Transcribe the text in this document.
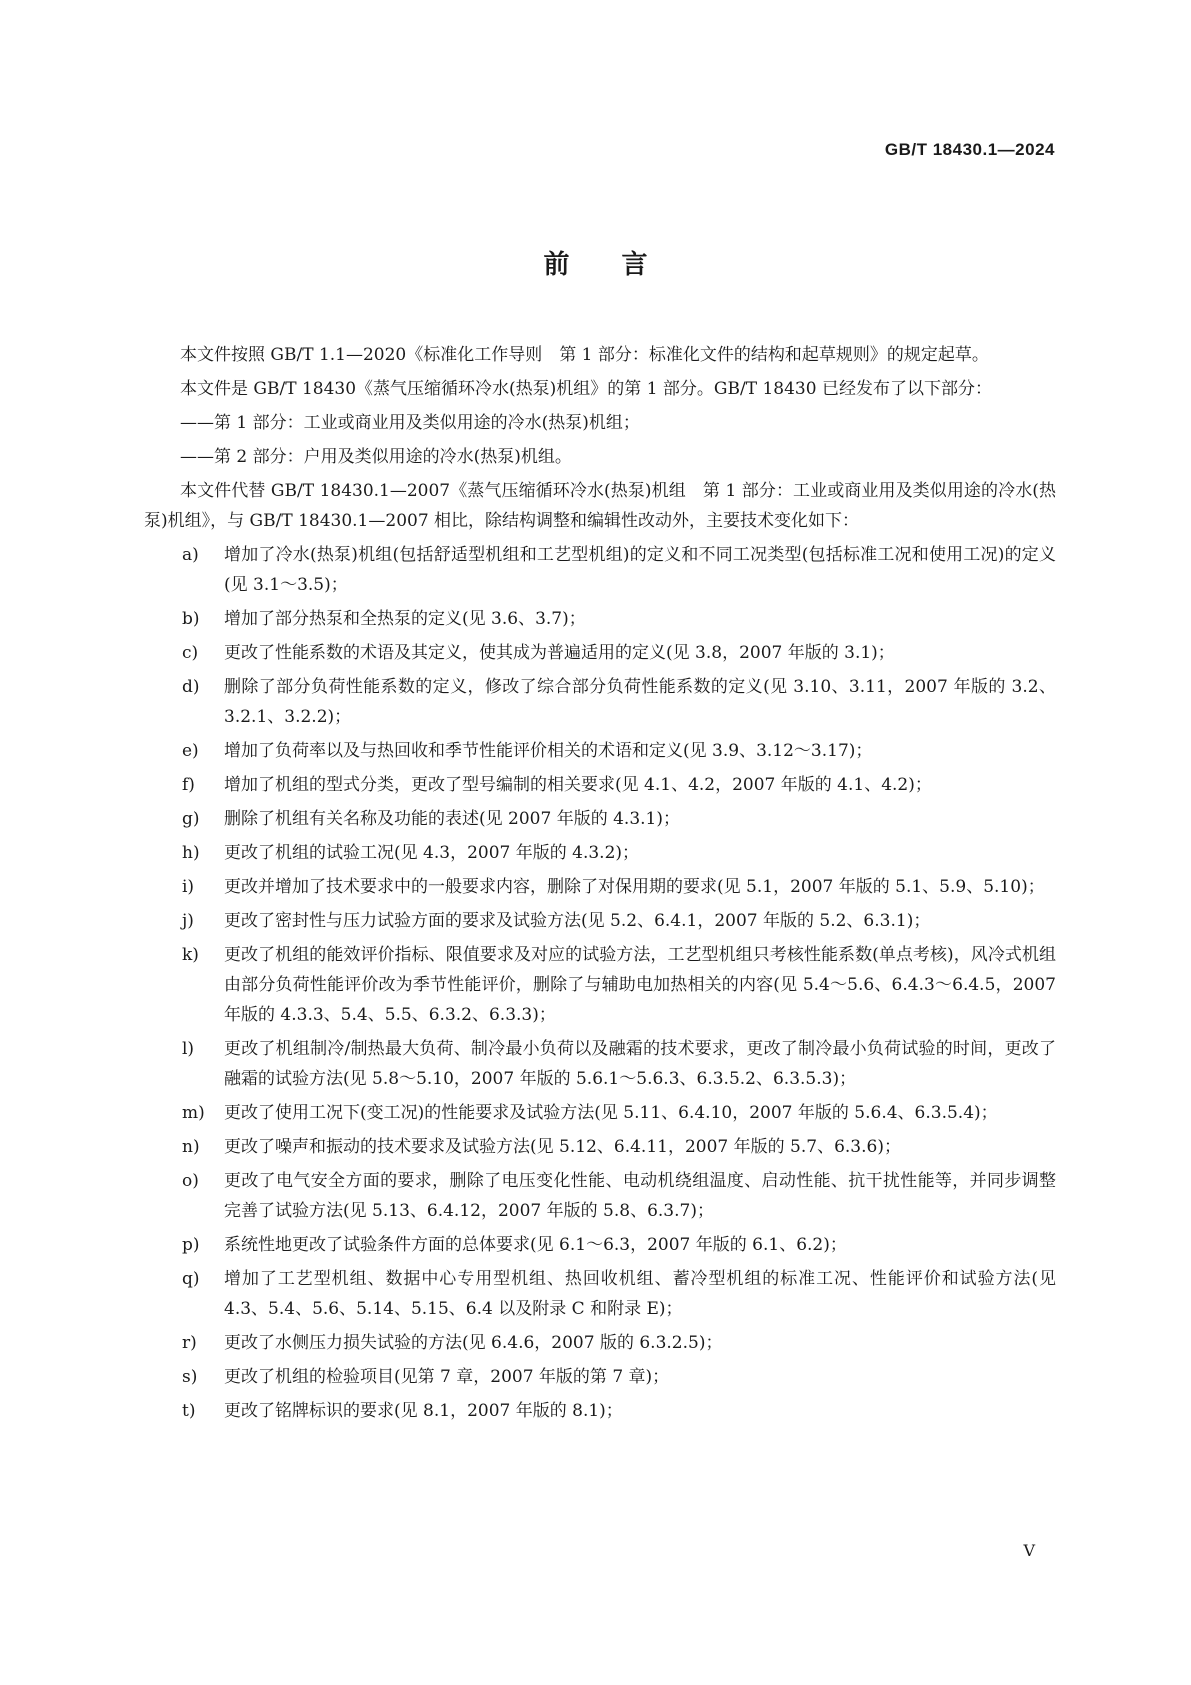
GB/T 18430.1—2024
前言

本文件按照 GB/T 1.1—2020《标准化工作导则　第 1 部分：标准化文件的结构和起草规则》的规定起草。

本文件是 GB/T 18430《蒸气压缩循环冷水(热泵)机组》的第 1 部分。GB/T 18430 已经发布了以下部分：

——第 1 部分：工业或商业用及类似用途的冷水(热泵)机组；

——第 2 部分：户用及类似用途的冷水(热泵)机组。

本文件代替 GB/T 18430.1—2007《蒸气压缩循环冷水(热泵)机组　第 1 部分：工业或商业用及类似用途的冷水(热泵)机组》，与 GB/T 18430.1—2007 相比，除结构调整和编辑性改动外，主要技术变化如下：

a)	增加了冷水(热泵)机组(包括舒适型机组和工艺型机组)的定义和不同工况类型(包括标准工况和使用工况)的定义(见 3.1～3.5)；
b)	增加了部分热泵和全热泵的定义(见 3.6、3.7)；
c)	更改了性能系数的术语及其定义，使其成为普遍适用的定义(见 3.8，2007 年版的 3.1)；
d)	删除了部分负荷性能系数的定义，修改了综合部分负荷性能系数的定义(见 3.10、3.11，2007 年版的 3.2、3.2.1、3.2.2)；
e)	增加了负荷率以及与热回收和季节性能评价相关的术语和定义(见 3.9、3.12～3.17)；
f)	增加了机组的型式分类，更改了型号编制的相关要求(见 4.1、4.2，2007 年版的 4.1、4.2)；
g)	删除了机组有关名称及功能的表述(见 2007 年版的 4.3.1)；
h)	更改了机组的试验工况(见 4.3，2007 年版的 4.3.2)；
i)	更改并增加了技术要求中的一般要求内容，删除了对保用期的要求(见 5.1，2007 年版的 5.1、5.9、5.10)；
j)	更改了密封性与压力试验方面的要求及试验方法(见 5.2、6.4.1，2007 年版的 5.2、6.3.1)；
k)	更改了机组的能效评价指标、限值要求及对应的试验方法，工艺型机组只考核性能系数(单点考核)，风冷式机组由部分负荷性能评价改为季节性能评价，删除了与辅助电加热相关的内容(见 5.4～5.6、6.4.3～6.4.5，2007 年版的 4.3.3、5.4、5.5、6.3.2、6.3.3)；
l)	更改了机组制冷/制热最大负荷、制冷最小负荷以及融霜的技术要求，更改了制冷最小负荷试验的时间，更改了融霜的试验方法(见 5.8～5.10，2007 年版的 5.6.1～5.6.3、6.3.5.2、6.3.5.3)；
m)	更改了使用工况下(变工况)的性能要求及试验方法(见 5.11、6.4.10，2007 年版的 5.6.4、6.3.5.4)；
n)	更改了噪声和振动的技术要求及试验方法(见 5.12、6.4.11，2007 年版的 5.7、6.3.6)；
o)	更改了电气安全方面的要求，删除了电压变化性能、电动机绕组温度、启动性能、抗干扰性能等，并同步调整完善了试验方法(见 5.13、6.4.12，2007 年版的 5.8、6.3.7)；
p)	系统性地更改了试验条件方面的总体要求(见 6.1～6.3，2007 年版的 6.1、6.2)；
q)	增加了工艺型机组、数据中心专用型机组、热回收机组、蓄冷型机组的标准工况、性能评价和试验方法(见 4.3、5.4、5.6、5.14、5.15、6.4 以及附录 C 和附录 E)；
r)	更改了水侧压力损失试验的方法(见 6.4.6，2007 版的 6.3.2.5)；
s)	更改了机组的检验项目(见第 7 章，2007 年版的第 7 章)；
t)	更改了铭牌标识的要求(见 8.1，2007 年版的 8.1)；
V
